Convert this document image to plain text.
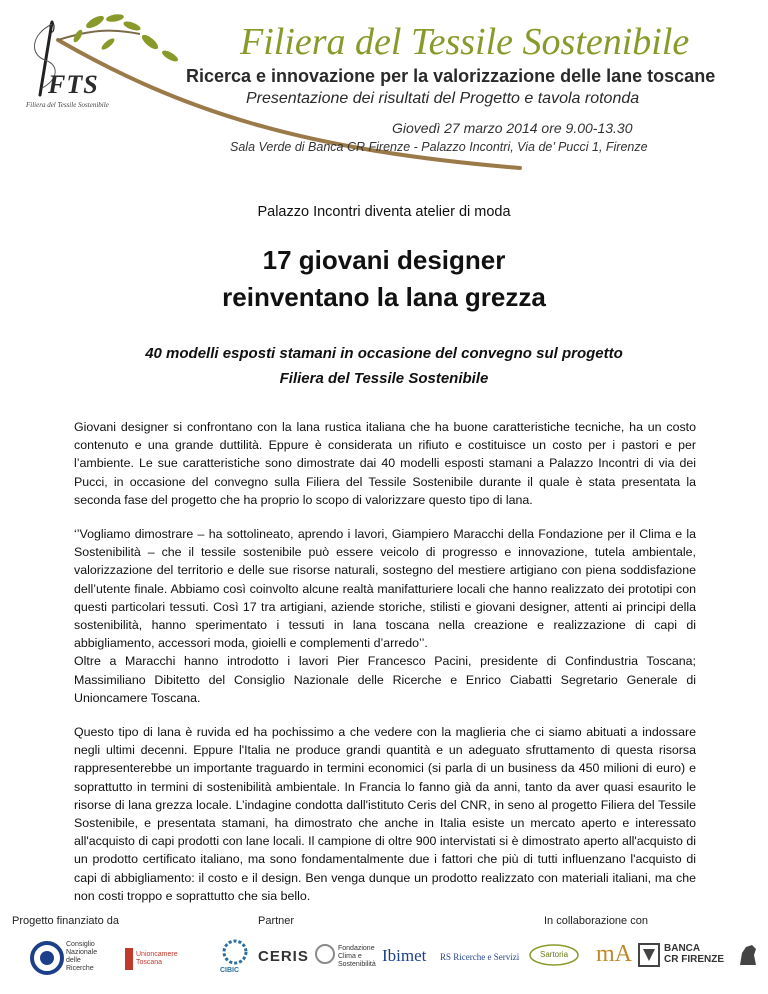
FTS
Filiera del Tessile Sostenibile
Filiera del Tessile Sostenibile
Ricerca e innovazione per la valorizzazione delle lane toscane
Presentazione dei risultati del Progetto e tavola rotonda
Giovedì 27 marzo 2014 ore 9.00-13.30
Sala Verde di Banca CR Firenze - Palazzo Incontri, Via de’ Pucci 1, Firenze
Palazzo Incontri diventa atelier di moda
17 giovani designer
reinventano la lana grezza
40 modelli esposti stamani in occasione del convegno sul progetto
Filiera del Tessile Sostenibile

Giovani designer si confrontano con la lana rustica italiana che ha buone caratteristiche tecniche, ha un costo contenuto e una grande duttilità. Eppure è considerata un rifiuto e costituisce un costo per i pastori e per l’ambiente. Le sue caratteristiche sono dimostrate dai 40 modelli esposti stamani a Palazzo Incontri di via dei Pucci, in occasione del convegno sulla Filiera del Tessile Sostenibile durante il quale è stata presentata la seconda fase del progetto che ha proprio lo scopo di valorizzare questo tipo di lana.

‘’Vogliamo dimostrare – ha sottolineato, aprendo i lavori, Giampiero Maracchi della Fondazione per il Clima e la Sostenibilità – che il tessile sostenibile può essere veicolo di progresso e innovazione, tutela ambientale, valorizzazione del territorio e delle sue risorse naturali, sostegno del mestiere artigiano con piena soddisfazione dell’utente finale. Abbiamo così coinvolto alcune realtà manifatturiere locali che hanno realizzato dei prototipi con questi particolari tessuti. Così 17 tra artigiani, aziende storiche, stilisti e giovani designer, attenti ai principi della sostenibilità, hanno sperimentato i tessuti in lana toscana nella creazione e realizzazione di capi di abbigliamento, accessori moda, gioielli e complementi d’arredo’’.

Oltre a Maracchi hanno introdotto i lavori Pier Francesco Pacini, presidente di Confindustria Toscana; Massimiliano Dibitetto del Consiglio Nazionale delle Ricerche e Enrico Ciabatti Segretario Generale di Unioncamere Toscana.

Questo tipo di lana è ruvida ed ha pochissimo a che vedere con la maglieria che ci siamo abituati a indossare negli ultimi decenni. Eppure l'Italia ne produce grandi quantità e un adeguato sfruttamento di questa risorsa rappresenterebbe un importante traguardo in termini economici (si parla di un business da 450 milioni di euro) e soprattutto in termini di sostenibilità ambientale. In Francia lo fanno già da anni, tanto da aver quasi esaurito le risorse di lana grezza locale. L’indagine condotta dall'istituto Ceris del CNR, in seno al progetto Filiera del Tessile Sostenibile, e presentata stamani, ha dimostrato che anche in Italia esiste un mercato aperto e interessato all'acquisto di capi prodotti con lane locali. Il campione di oltre 900 intervistati si è dimostrato aperto all'acquisto di un prodotto certificato italiano, ma sono fondamentalmente due i fattori che più di tutti influenzano l'acquisto di capi di abbigliamento: il costo e il design. Ben venga dunque un prodotto realizzato con materiali italiani, ma che non costi troppo e soprattutto che sia bello.

Progetto finanziato da	Partner	In collaborazione con
Consiglio Nazionale delle Ricerche
Unioncamere Toscana
CIBIC
CERIS	Fondazione Clima e Sostenibilità Ibimet RS Ricerche e Servizi	Sartoria mA	BANCA
CR FIRENZE
